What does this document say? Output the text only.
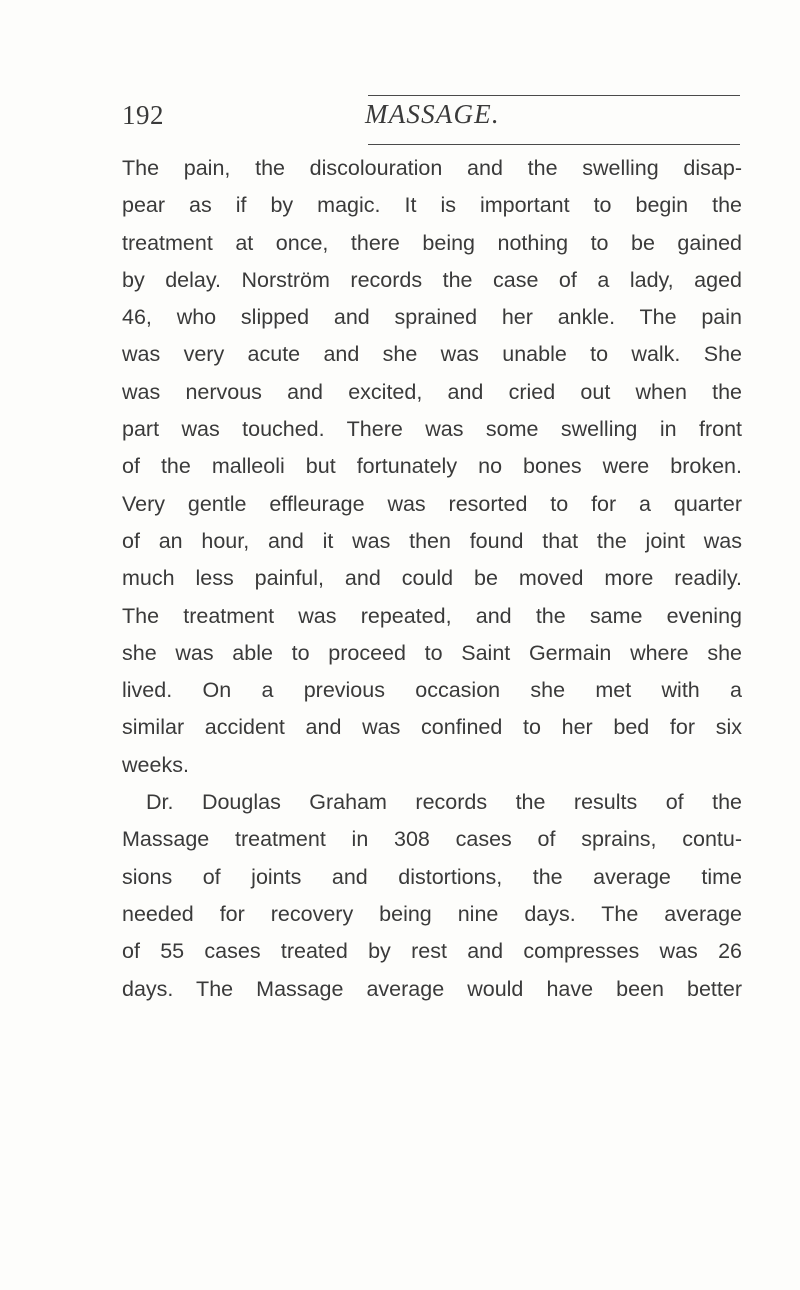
192	MASSAGE.
The pain, the discolouration and the swelling disap-
pear as if by magic. It is important to begin the
treatment at once, there being nothing to be gained
by delay. Norström records the case of a lady, aged
46, who slipped and sprained her ankle. The pain
was very acute and she was unable to walk. She
was nervous and excited, and cried out when the
part was touched. There was some swelling in front
of the malleoli but fortunately no bones were broken.
Very gentle effleurage was resorted to for a quarter
of an hour, and it was then found that the joint was
much less painful, and could be moved more readily.
The treatment was repeated, and the same evening
she was able to proceed to Saint Germain where she
lived. On a previous occasion she met with a
similar accident and was confined to her bed for six
weeks.
Dr. Douglas Graham records the results of the
Massage treatment in 308 cases of sprains, contu-
sions of joints and distortions, the average time
needed for recovery being nine days. The average
of 55 cases treated by rest and compresses was 26
days. The Massage average would have been better
